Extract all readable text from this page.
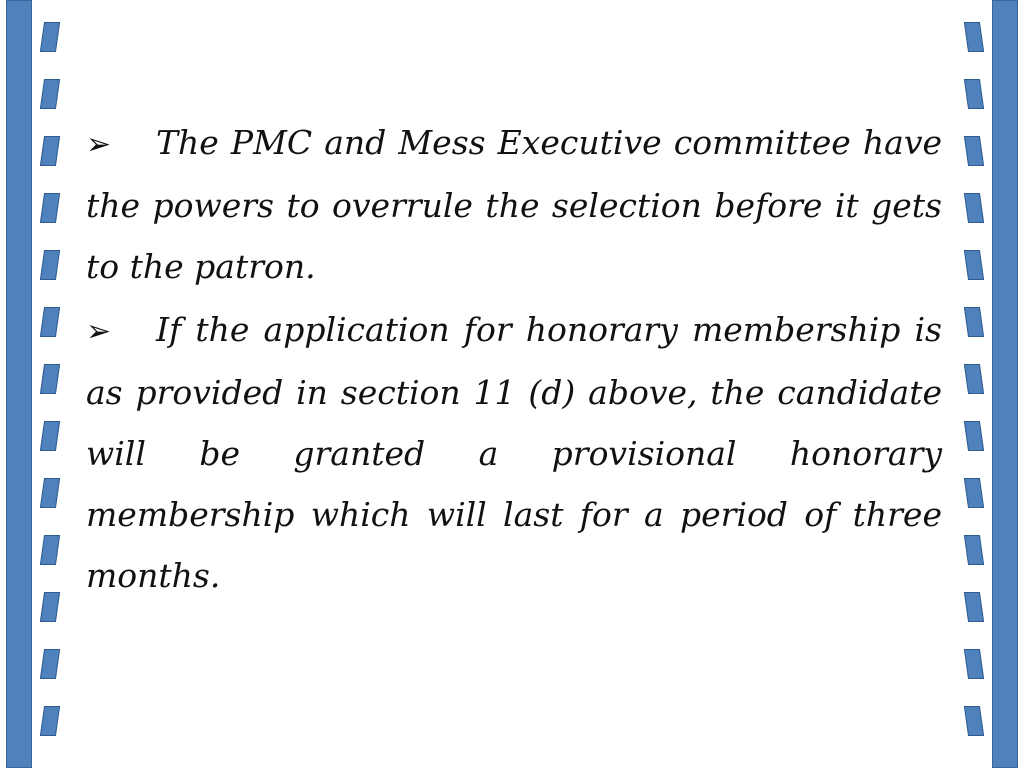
➢ The PMC and Mess Executive committee have the powers to overrule the selection before it gets to the patron.

➢ If the application for honorary membership is as provided in section 11 (d) above, the candidate will be granted a provisional honorary membership which will last for a period of three months.
